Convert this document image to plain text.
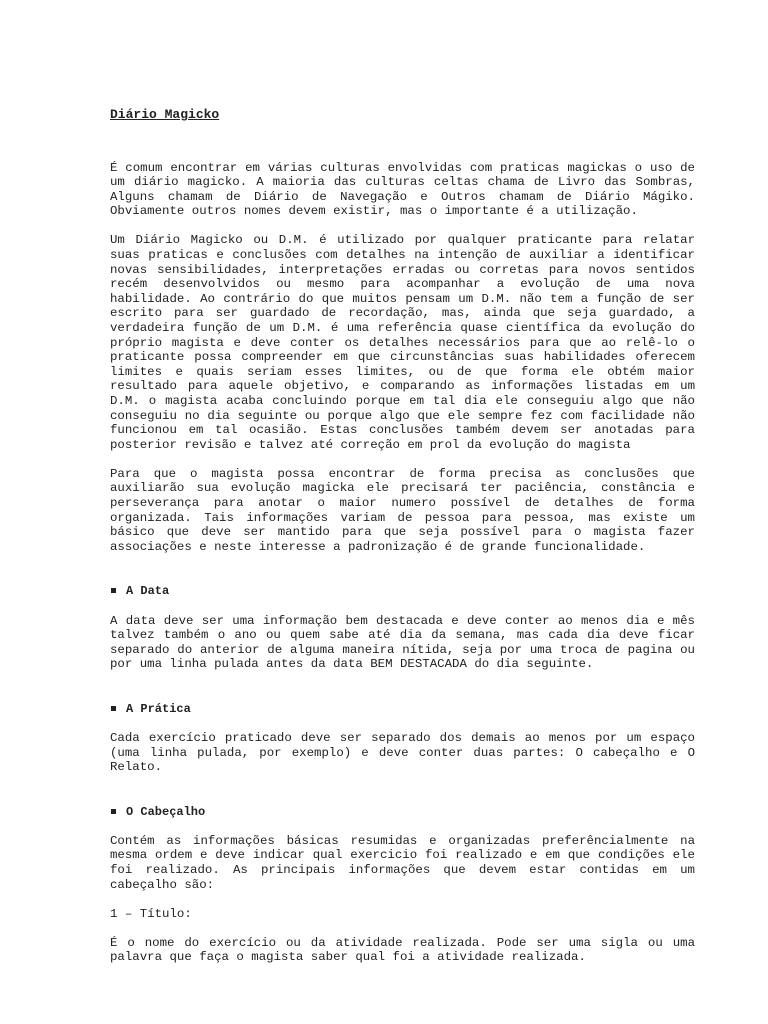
Diário Magicko

É comum encontrar em várias culturas envolvidas com praticas magickas o uso de um diário magicko. A maioria das culturas celtas chama de Livro das Sombras, Alguns chamam de Diário de Navegação e Outros chamam de Diário Mágiko. Obviamente outros nomes devem existir, mas o importante é a utilização.

Um Diário Magicko ou D.M. é utilizado por qualquer praticante para relatar suas praticas e conclusões com detalhes na intenção de auxiliar a identificar novas sensibilidades, interpretações erradas ou corretas para novos sentidos recém desenvolvidos ou mesmo para acompanhar a evolução de uma nova habilidade. Ao contrário do que muitos pensam um D.M. não tem a função de ser escrito para ser guardado de recordação, mas, ainda que seja guardado, a verdadeira função de um D.M. é uma referência quase científica da evolução do próprio magista e deve conter os detalhes necessários para que ao relê-lo o praticante possa compreender em que circunstâncias suas habilidades oferecem limites e quais seriam esses limites, ou de que forma ele obtém maior resultado para aquele objetivo, e comparando as informações listadas em um D.M. o magista acaba concluindo porque em tal dia ele conseguiu algo que não conseguiu no dia seguinte ou porque algo que ele sempre fez com facilidade não funcionou em tal ocasião. Estas conclusões também devem ser anotadas para posterior revisão e talvez até correção em prol da evolução do magista

Para que o magista possa encontrar de forma precisa as conclusões que auxiliarão sua evolução magicka ele precisará ter paciência, constância e perseverança para anotar o maior numero possível de detalhes de forma organizada. Tais informações variam de pessoa para pessoa, mas existe um básico que deve ser mantido para que seja possível para o magista fazer associações e neste interesse a padronização é de grande funcionalidade.

A Data

A data deve ser uma informação bem destacada e deve conter ao menos dia e mês talvez também o ano ou quem sabe até dia da semana, mas cada dia deve ficar separado do anterior de alguma maneira nítida, seja por uma troca de pagina ou por uma linha pulada antes da data BEM DESTACADA do dia seguinte.

A Prática

Cada exercício praticado deve ser separado dos demais ao menos por um espaço (uma linha pulada, por exemplo) e deve conter duas partes: O cabeçalho e O Relato.

O Cabeçalho

Contém as informações básicas resumidas e organizadas preferêncialmente na mesma ordem e deve indicar qual exercicio foi realizado e em que condições ele foi realizado. As principais informações que devem estar contidas em um cabeçalho são:

1 – Título:

É o nome do exercício ou da atividade realizada. Pode ser uma sigla ou uma palavra que faça o magista saber qual foi a atividade realizada.
